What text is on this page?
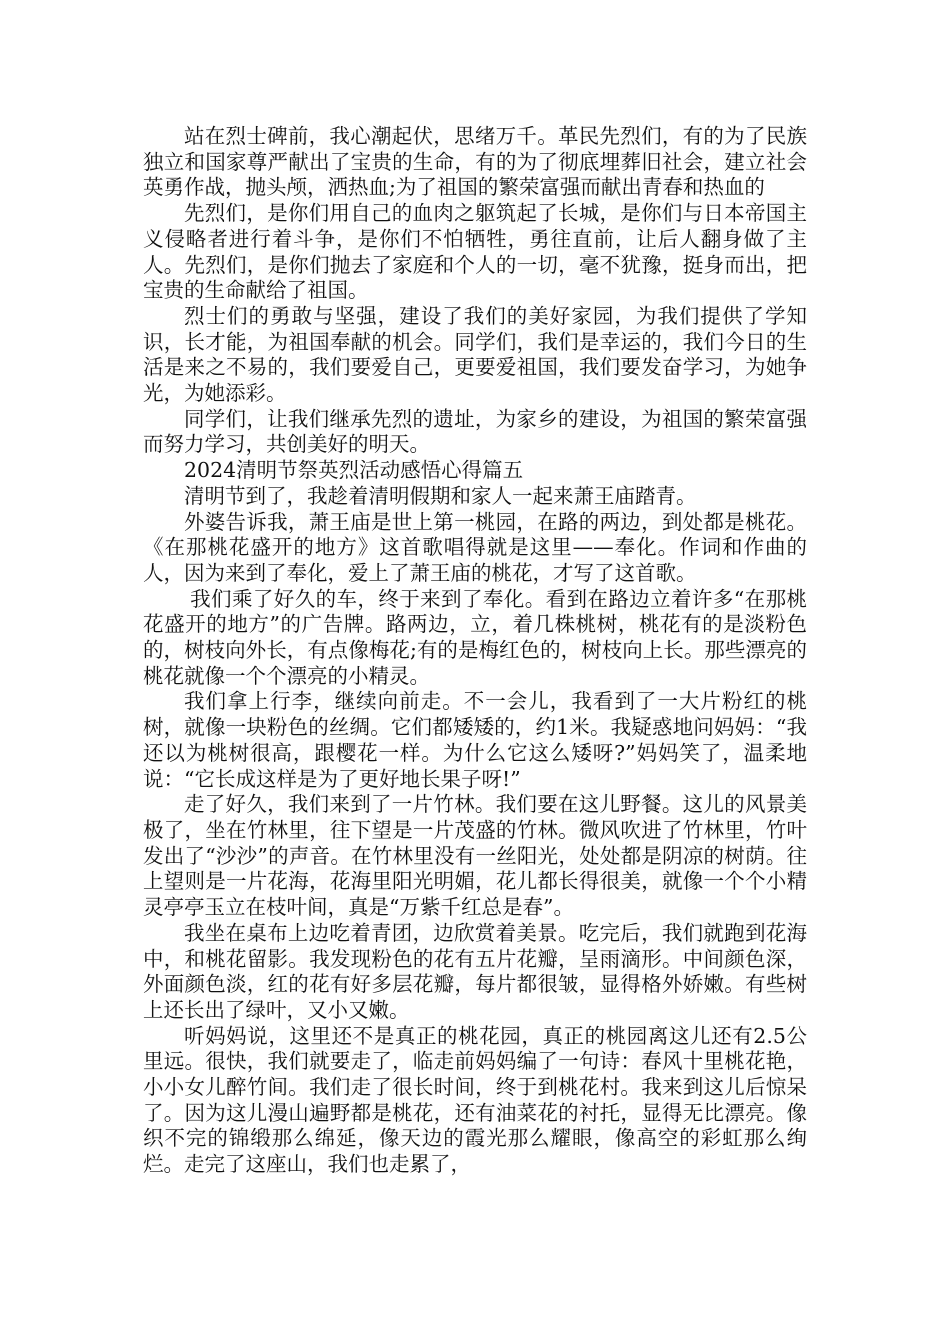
站在烈士碑前，我心潮起伏，思绪万千。革民先烈们，有的为了民族独立和国家尊严献出了宝贵的生命，有的为了彻底埋葬旧社会，建立社会英勇作战，抛头颅，洒热血;为了祖国的繁荣富强而献出青春和热血的

先烈们，是你们用自己的血肉之躯筑起了长城，是你们与日本帝国主义侵略者进行着斗争，是你们不怕牺牲，勇往直前，让后人翻身做了主人。先烈们，是你们抛去了家庭和个人的一切，毫不犹豫，挺身而出，把宝贵的生命献给了祖国。

烈士们的勇敢与坚强，建设了我们的美好家园，为我们提供了学知识，长才能，为祖国奉献的机会。同学们，我们是幸运的，我们今日的生活是来之不易的，我们要爱自己，更要爱祖国，我们要发奋学习，为她争光，为她添彩。

同学们，让我们继承先烈的遗址，为家乡的建设，为祖国的繁荣富强而努力学习，共创美好的明天。

2024清明节祭英烈活动感悟心得篇五

清明节到了，我趁着清明假期和家人一起来萧王庙踏青。

外婆告诉我，萧王庙是世上第一桃园，在路的两边，到处都是桃花。《在那桃花盛开的地方》这首歌唱得就是这里——奉化。作词和作曲的人，因为来到了奉化，爱上了萧王庙的桃花，才写了这首歌。

我们乘了好久的车，终于来到了奉化。看到在路边立着许多“在那桃花盛开的地方”的广告牌。路两边，立，着几株桃树，桃花有的是淡粉色的，树枝向外长，有点像梅花;有的是梅红色的，树枝向上长。那些漂亮的桃花就像一个个漂亮的小精灵。

我们拿上行李，继续向前走。不一会儿，我看到了一大片粉红的桃树，就像一块粉色的丝绸。它们都矮矮的，约1米。我疑惑地问妈妈：“我还以为桃树很高，跟樱花一样。为什么它这么矮呀?”妈妈笑了，温柔地说：“它长成这样是为了更好地长果子呀!”

走了好久，我们来到了一片竹林。我们要在这儿野餐。这儿的风景美极了，坐在竹林里，往下望是一片茂盛的竹林。微风吹进了竹林里，竹叶发出了“沙沙”的声音。在竹林里没有一丝阳光，处处都是阴凉的树荫。往上望则是一片花海，花海里阳光明媚，花儿都长得很美，就像一个个小精灵亭亭玉立在枝叶间，真是“万紫千红总是春”。

我坐在桌布上边吃着青团，边欣赏着美景。吃完后，我们就跑到花海中，和桃花留影。我发现粉色的花有五片花瓣，呈雨滴形。中间颜色深，外面颜色淡，红的花有好多层花瓣，每片都很皱，显得格外娇嫩。有些树上还长出了绿叶，又小又嫩。

听妈妈说，这里还不是真正的桃花园，真正的桃园离这儿还有2.5公里远。很快，我们就要走了，临走前妈妈编了一句诗：春风十里桃花艳，小小女儿醉竹间。我们走了很长时间，终于到桃花村。我来到这儿后惊呆了。因为这儿漫山遍野都是桃花，还有油菜花的衬托，显得无比漂亮。像织不完的锦缎那么绵延，像天边的霞光那么耀眼，像高空的彩虹那么绚烂。走完了这座山，我们也走累了，
